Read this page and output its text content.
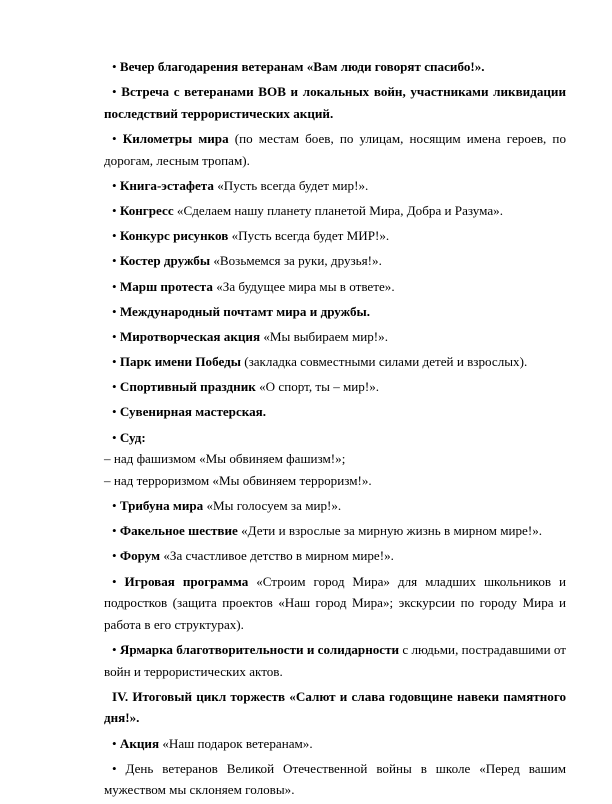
• Вечер благодарения ветеранам «Вам люди говорят спасибо!».

• Встреча с ветеранами ВОВ и локальных войн, участниками ликвидации последствий террористических акций.

• Километры мира (по местам боев, по улицам, носящим имена героев, по дорогам, лесным тропам).

• Книга-эстафета «Пусть всегда будет мир!».

• Конгресс «Сделаем нашу планету планетой Мира, Добра и Разума».

• Конкурс рисунков «Пусть всегда будет МИР!».

• Костер дружбы «Возьмемся за руки, друзья!».

• Марш протеста «За будущее мира мы в ответе».

• Международный почтамт мира и дружбы.

• Миротворческая акция «Мы выбираем мир!».

• Парк имени Победы (закладка совместными силами детей и взрослых).

• Спортивный праздник «О спорт, ты – мир!».

• Сувенирная мастерская.

• Суд:

– над фашизмом «Мы обвиняем фашизм!»;

– над терроризмом «Мы обвиняем терроризм!».

• Трибуна мира «Мы голосуем за мир!».

• Факельное шествие «Дети и взрослые за мирную жизнь в мирном мире!».

• Форум «За счастливое детство в мирном мире!».

• Игровая программа «Строим город Мира» для младших школьников и подростков (защита проектов «Наш город Мира»; экскурсии по городу Мира и работа в его структурах).

• Ярмарка благотворительности и солидарности с людьми, пострадавшими от войн и террористических актов.

IV. Итоговый цикл торжеств «Салют и слава годовщине навеки памятного дня!».

• Акция «Наш подарок ветеранам».

• День ветеранов Великой Отечественной войны в школе «Перед вашим мужеством мы склоняем головы».
